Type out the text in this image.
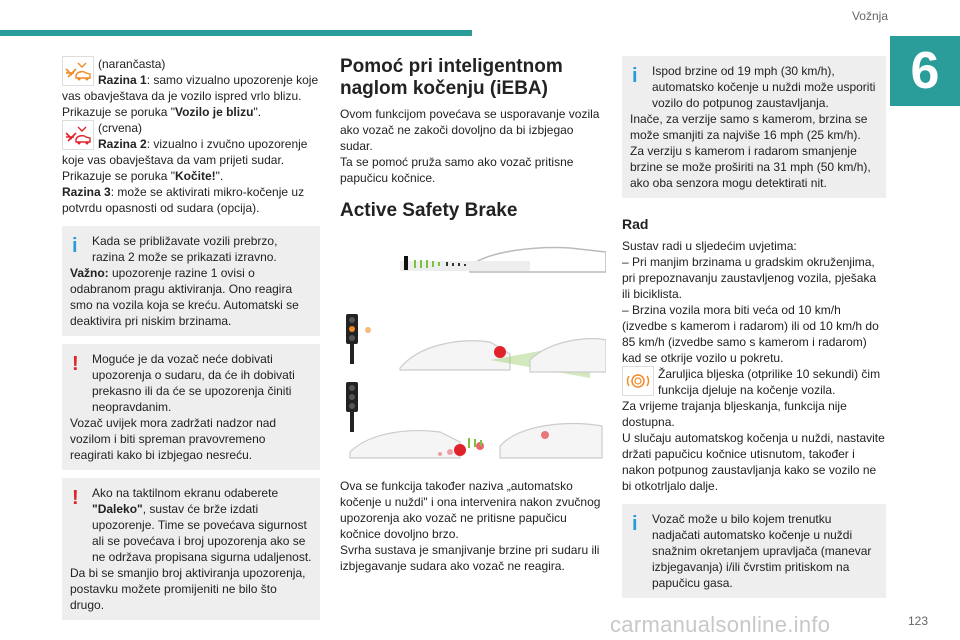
Vožnja
6
(narančasta)
Razina 1: samo vizualno upozorenje koje vas obavještava da je vozilo ispred vrlo blizu. Prikazuje se poruka "Vozilo je blizu".
(crvena)
Razina 2: vizualno i zvučno upozorenje koje vas obavještava da vam prijeti sudar. Prikazuje se poruka "Kočite!".
Razina 3: može se aktivirati mikro-kočenje uz potvrdu opasnosti od sudara (opcija).
i	Kada se približavate vozili prebrzo, razina 2 može se prikazati izravno.
Važno: upozorenje razine 1 ovisi o odabranom pragu aktiviranja. Ono reagira smo na vozila koja se kreću. Automatski se deaktivira pri niskim brzinama.
!	Moguće je da vozač neće dobivati upozorenja o sudaru, da će ih dobivati prekasno ili da će se upozorenja činiti neopravdanim.
Vozač uvijek mora zadržati nadzor nad vozilom i biti spreman pravovremeno reagirati kako bi izbjegao nesreću.
!	Ako na taktilnom ekranu odaberete "Daleko", sustav će brže izdati upozorenje. Time se povećava sigurnost ali se povećava i broj upozorenja ako se ne održava propisana sigurna udaljenost.
Da bi se smanjio broj aktiviranja upozorenja, postavku možete promijeniti ne bilo što drugo.
Pomoć pri inteligentnom naglom kočenju (iEBA)
Ovom funkcijom povećava se usporavanje vozila ako vozač ne zakoči dovoljno da bi izbjegao sudar.
Ta se pomoć pruža samo ako vozač pritisne papučicu kočnice.
Active Safety Brake
Ova se funkcija također naziva „automatsko kočenje u nuždi" i ona intervenira nakon zvučnog upozorenja ako vozač ne pritisne papučicu kočnice dovoljno brzo.
Svrha sustava je smanjivanje brzine pri sudaru ili izbjegavanje sudara ako vozač ne reagira.
i	Ispod brzine od 19 mph (30 km/h), automatsko kočenje u nuždi može usporiti vozilo do potpunog zaustavljanja.
Inače, za verzije samo s kamerom, brzina se može smanjiti za najviše 16 mph (25 km/h).
Za verziju s kamerom i radarom smanjenje brzine se može proširiti na 31 mph (50 km/h), ako oba senzora mogu detektirati nit.
Rad
Sustav radi u sljedećim uvjetima:
– Pri manjim brzinama u gradskim okruženjima, pri prepoznavanju zaustavljenog vozila, pješaka ili biciklista.
– Brzina vozila mora biti veća od 10 km/h (izvedbe s kamerom i radarom) ili od 10 km/h do 85 km/h (izvedbe samo s kamerom i radarom) kad se otkrije vozilo u pokretu.
Žaruljica bljeska (otprilike 10 sekundi) čim funkcija djeluje na kočenje vozila.
Za vrijeme trajanja bljeskanja, funkcija nije dostupna.
U slučaju automatskog kočenja u nuždi, nastavite držati papučicu kočnice utisnutom, također i nakon potpunog zaustavljanja kako se vozilo ne bi otkotrljalo dalje.
i	Vozač može u bilo kojem trenutku nadjačati automatsko kočenje u nuždi snažnim okretanjem upravljača (manevar izbjegavanja) i/ili čvrstim pritiskom na papučicu gasa.
123
carmanualsonline.info
